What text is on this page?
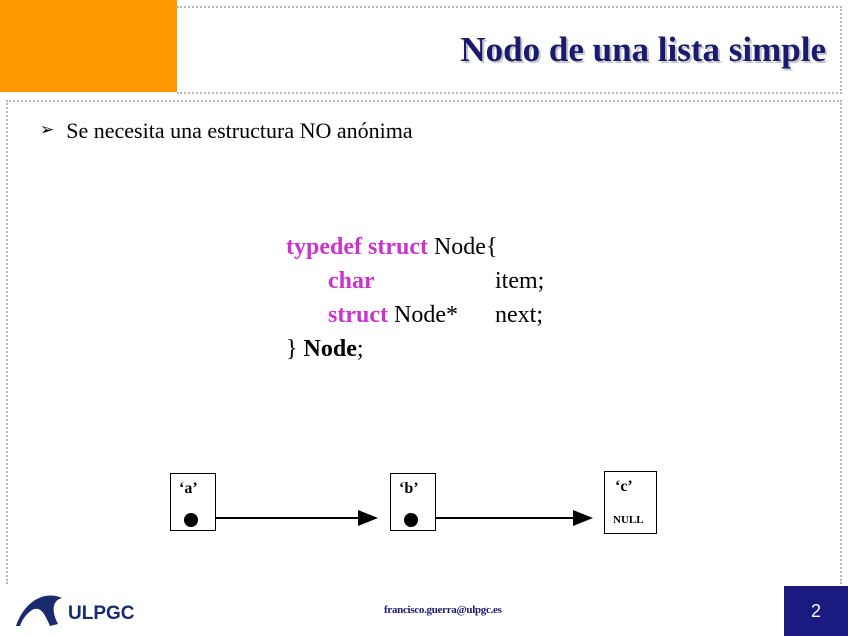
Nodo de una lista simple
➢ Se necesita una estructura NO anónima
typedef struct Node{
char	item;
struct Node* next;
} Node;
‘a’	‘b’	‘c’
NULL
ULPGC	francisco.guerra@ulpgc.es	2
